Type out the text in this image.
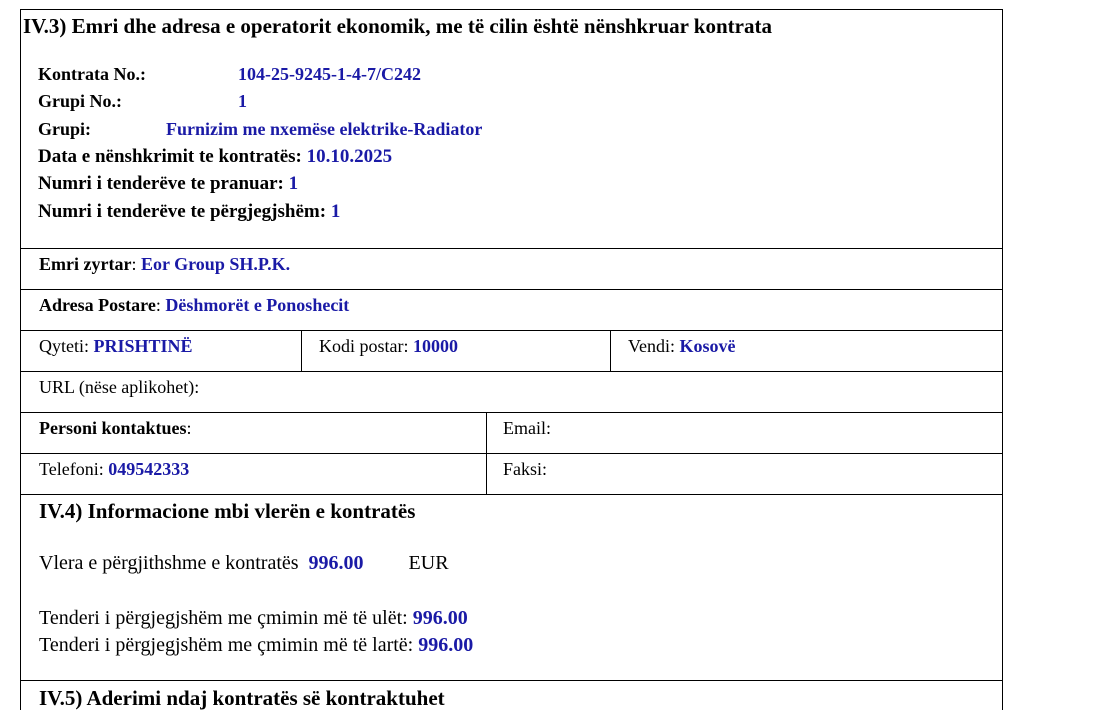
IV.3) Emri dhe adresa e operatorit ekonomik, me të cilin është nënshkruar kontrata
Kontrata No.:	104-25-9245-1-4-7/C242
Grupi No.:	1
Grupi:	Furnizim me nxemëse elektrike-Radiator
Data e nënshkrimit te kontratës: 10.10.2025
Numri i tenderëve te pranuar: 1
Numri i tenderëve te përgjegjshëm: 1
Emri zyrtar: Eor Group SH.P.K.
Adresa Postare: Dëshmorët e Ponoshecit
Qyteti: PRISHTINË	Kodi postar: 10000	Vendi: Kosovë
URL (nëse aplikohet):
Personi kontaktues:	Email:
Telefoni: 049542333	Faksi:
IV.4) Informacione mbi vlerën e kontratës
Vlera e përgjithshme e kontratës 996.00 EUR
Tenderi i përgjegjshëm me çmimin më të ulët: 996.00
Tenderi i përgjegjshëm me çmimin më të lartë: 996.00
IV.5) Aderimi ndaj kontratës së kontraktuhet
